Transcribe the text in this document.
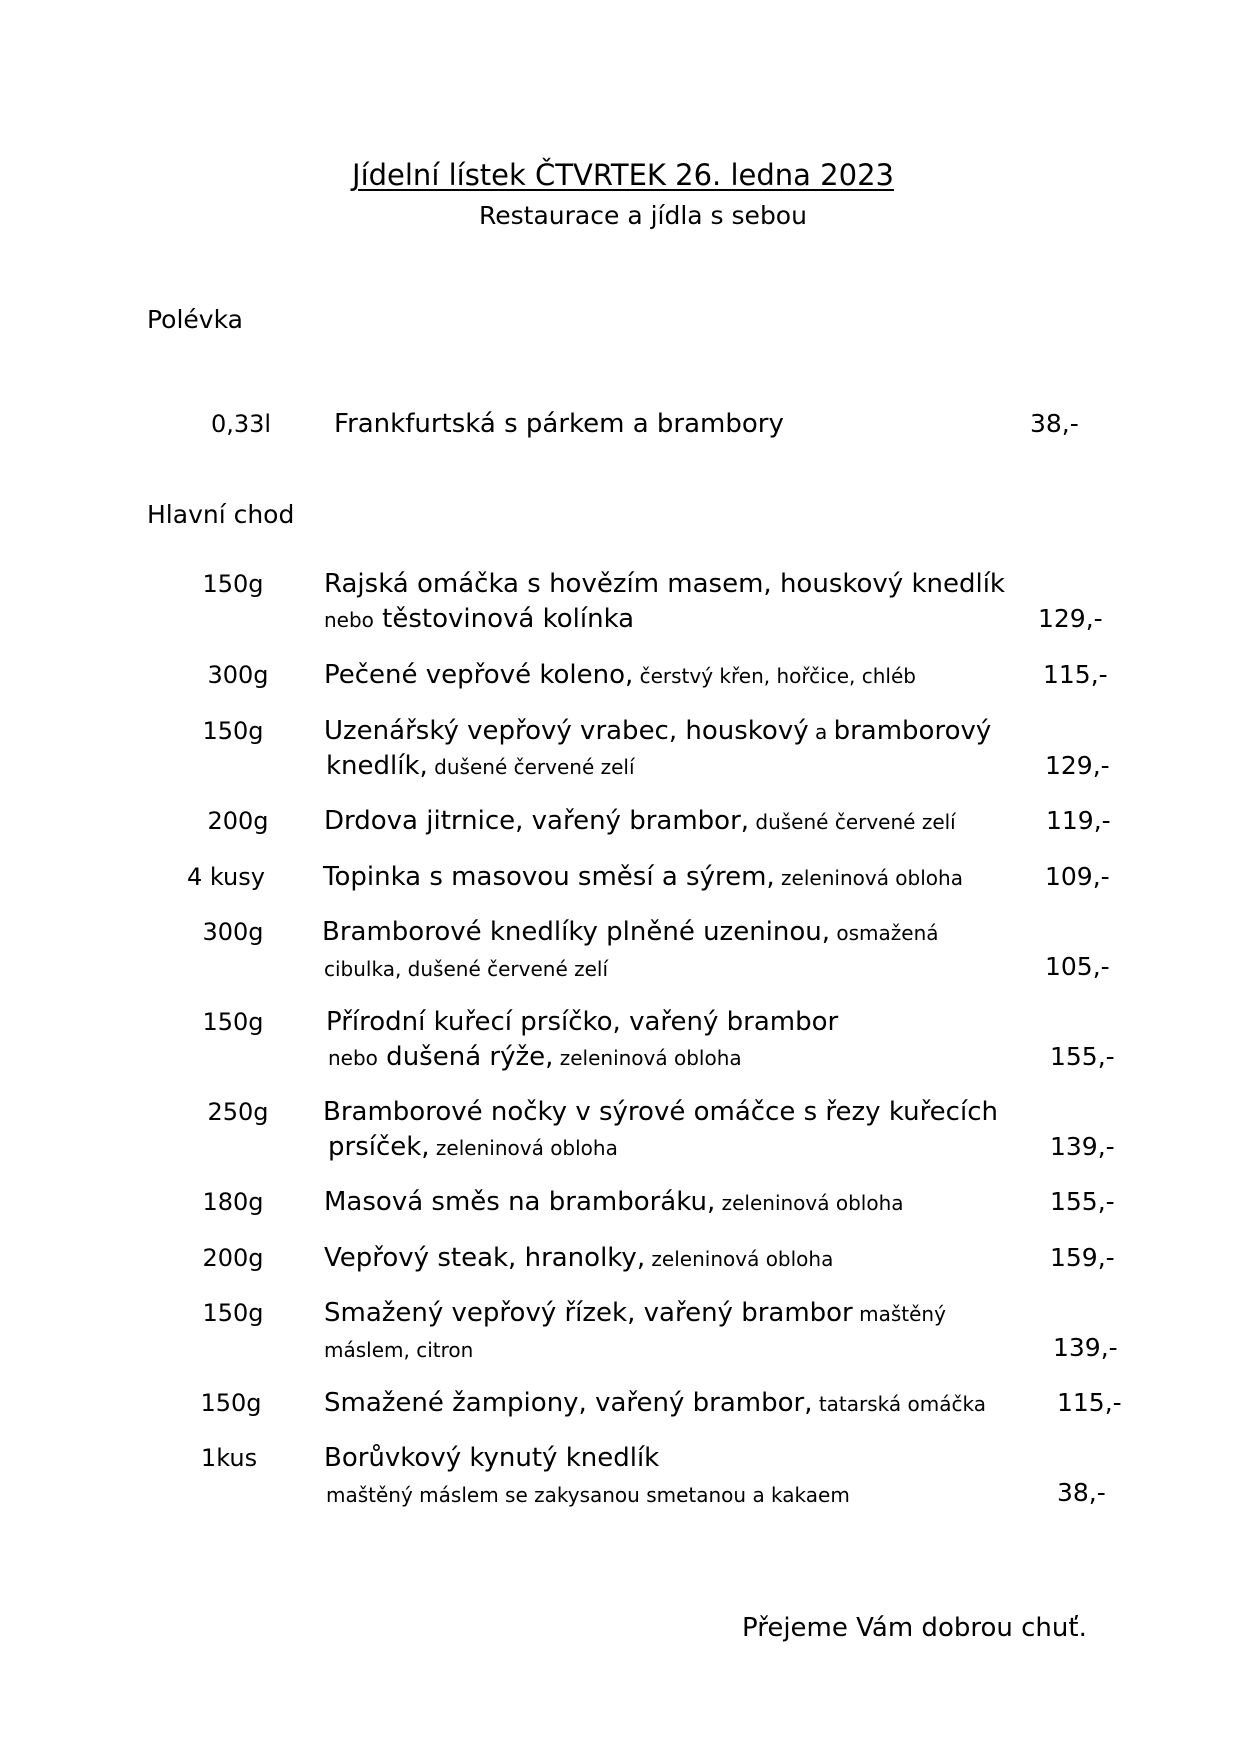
Jídelní lístek ČTVRTEK 26. ledna 2023
Restaurace a jídla s sebou
Polévka
0,33l	Frankfurtská s párkem a brambory	38,-
Hlavní chod
150g	Rajská omáčka s hovězím masem, houskový knedlík
nebo těstovinová kolínka	129,-
300g	Pečené vepřové koleno, čerstvý křen, hořčice, chléb	115,-
150g	Uzenářský vepřový vrabec, houskový a bramborový
knedlík, dušené červené zelí	129,-
200g	Drdova jitrnice, vařený brambor, dušené červené zelí	119,-
4 kusy	Topinka s masovou směsí a sýrem, zeleninová obloha	109,-
300g	Bramborové knedlíky plněné uzeninou, osmažená
cibulka, dušené červené zelí	105,-
150g	Přírodní kuřecí prsíčko, vařený brambor
nebo dušená rýže, zeleninová obloha	155,-
250g	Bramborové nočky v sýrové omáčce s řezy kuřecích
prsíček, zeleninová obloha	139,-
180g	Masová směs na bramboráku, zeleninová obloha	155,-
200g	Vepřový steak, hranolky, zeleninová obloha	159,-
150g	Smažený vepřový řízek, vařený brambor maštěný
máslem, citron	139,-
150g	Smažené žampiony, vařený brambor, tatarská omáčka	115,-
1kus	Borůvkový kynutý knedlík
maštěný máslem se zakysanou smetanou a kakaem	38,-
Přejeme Vám dobrou chuť.
